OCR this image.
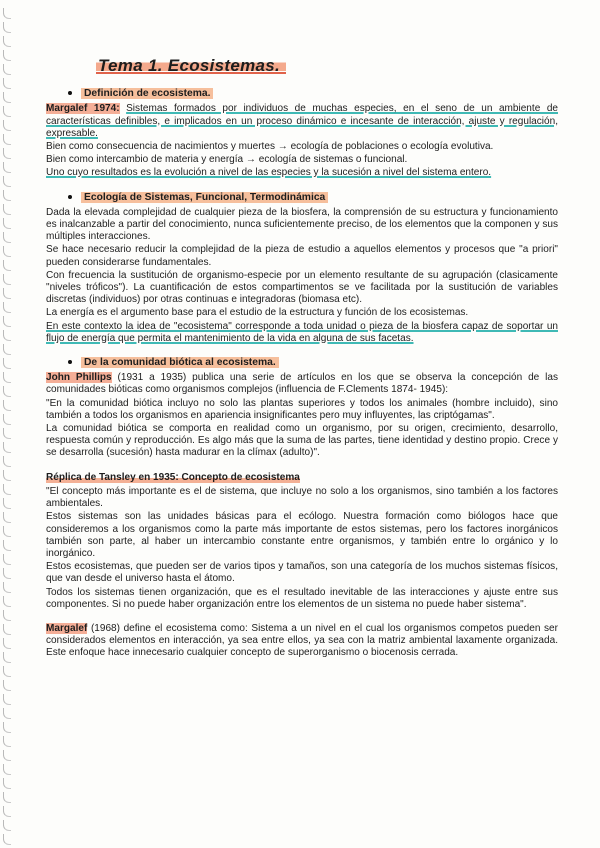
Tema 1. Ecosistemas.
Definición de ecosistema.

Margalef 1974: Sistemas formados por individuos de muchas especies, en el seno de un ambiente de características definibles, e implicados en un proceso dinámico e incesante de interacción, ajuste y regulación, expresable.

Bien como consecuencia de nacimientos y muertes → ecología de poblaciones o ecología evolutiva.

Bien como intercambio de materia y energía → ecología de sistemas o funcional.

Uno cuyo resultados es la evolución a nivel de las especies y la sucesión a nivel del sistema entero.

Ecología de Sistemas, Funcional, Termodinámica

Dada la elevada complejidad de cualquier pieza de la biosfera, la comprensión de su estructura y funcionamiento es inalcanzable a partir del conocimiento, nunca suficientemente preciso, de los elementos que la componen y sus múltiples interacciones.

Se hace necesario reducir la complejidad de la pieza de estudio a aquellos elementos y procesos que "a priori" pueden considerarse fundamentales.

Con frecuencia la sustitución de organismo-especie por un elemento resultante de su agrupación (clasicamente "niveles tróficos"). La cuantificación de estos compartimentos se ve facilitada por la sustitución de variables discretas (individuos) por otras continuas e integradoras (biomasa etc).

La energía es el argumento base para el estudio de la estructura y función de los ecosistemas.

En este contexto la idea de "ecosistema" corresponde a toda unidad o pieza de la biosfera capaz de soportar un flujo de energía que permita el mantenimiento de la vida en alguna de sus facetas.

De la comunidad biótica al ecosistema.

John Phillips (1931 a 1935) publica una serie de artículos en los que se observa la concepción de las comunidades bióticas como organismos complejos (influencia de F.Clements 1874- 1945):

"En la comunidad biótica incluyo no solo las plantas superiores y todos los animales (hombre incluido), sino también a todos los organismos en apariencia insignificantes pero muy influyentes, las criptógamas".

La comunidad biótica se comporta en realidad como un organismo, por su origen, crecimiento, desarrollo, respuesta común y reproducción. Es algo más que la suma de las partes, tiene identidad y destino propio. Crece y se desarrolla (sucesión) hasta madurar en la clímax (adulto)".

Réplica de Tansley en 1935: Concepto de ecosistema

"El concepto más importante es el de sistema, que incluye no solo a los organismos, sino también a los factores ambientales.

Estos sistemas son las unidades básicas para el ecólogo. Nuestra formación como biólogos hace que consideremos a los organismos como la parte más importante de estos sistemas, pero los factores inorgánicos también son parte, al haber un intercambio constante entre organismos, y también entre lo orgánico y lo inorgánico.

Estos ecosistemas, que pueden ser de varios tipos y tamaños, son una categoría de los muchos sistemas físicos, que van desde el universo hasta el átomo.

Todos los sistemas tienen organización, que es el resultado inevitable de las interacciones y ajuste entre sus componentes. Si no puede haber organización entre los elementos de un sistema no puede haber sistema".

Margalef (1968) define el ecosistema como: Sistema a un nivel en el cual los organismos competos pueden ser considerados elementos en interacción, ya sea entre ellos, ya sea con la matriz ambiental laxamente organizada. Este enfoque hace innecesario cualquier concepto de superorganismo o biocenosis cerrada.
